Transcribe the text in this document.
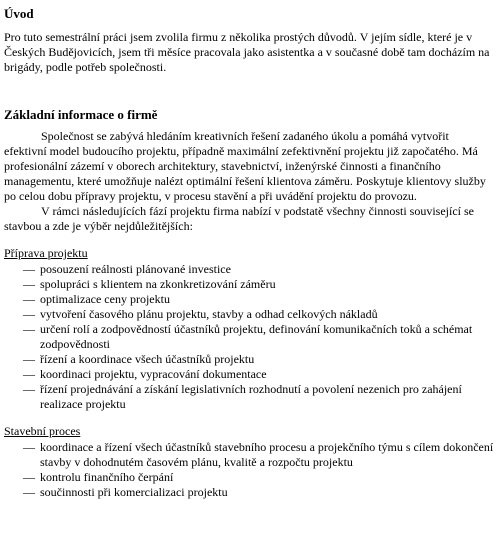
Úvod

Pro tuto semestrální práci jsem zvolila firmu z několika prostých důvodů. V jejím sídle, které je v Českých Budějovicích, jsem tři měsíce pracovala jako asistentka a v současné době tam docházím na brigády, podle potřeb společnosti.

Základní informace o firmě

Společnost se zabývá hledáním kreativních řešení zadaného úkolu a pomáhá vytvořit efektivní model budoucího projektu, případně maximální zefektivnění projektu již započatého. Má profesionální zázemí v oborech architektury, stavebnictví, inženýrské činnosti a finančního managementu, které umožňuje nalézt optimální řešení klientova záměru. Poskytuje klientovy služby po celou dobu přípravy projektu, v procesu stavění a při uvádění projektu do provozu.

V rámci následujících fází projektu firma nabízí v podstatě všechny činnosti související se stavbou a zde je výběr nejdůležitějších:

Příprava projektu

— posouzení reálnosti plánované investice
— spolupráci s klientem na zkonkretizování záměru
— optimalizace ceny projektu
— vytvoření časového plánu projektu, stavby a odhad celkových nákladů
— určení rolí a zodpovědností účastníků projektu, definování komunikačních toků a schémat zodpovědnosti
— řízení a koordinace všech účastníků projektu
— koordinaci projektu, vypracování dokumentace
— řízení projednávání a získání legislativních rozhodnutí a povolení nezenich pro zahájení realizace projektu

Stavební proces

— koordinace a řízení všech účastníků stavebního procesu a projekčního týmu s cílem dokončení stavby v dohodnutém časovém plánu, kvalitě a rozpočtu projektu
— kontrolu finančního čerpání
— součinnosti při komercializaci projektu
